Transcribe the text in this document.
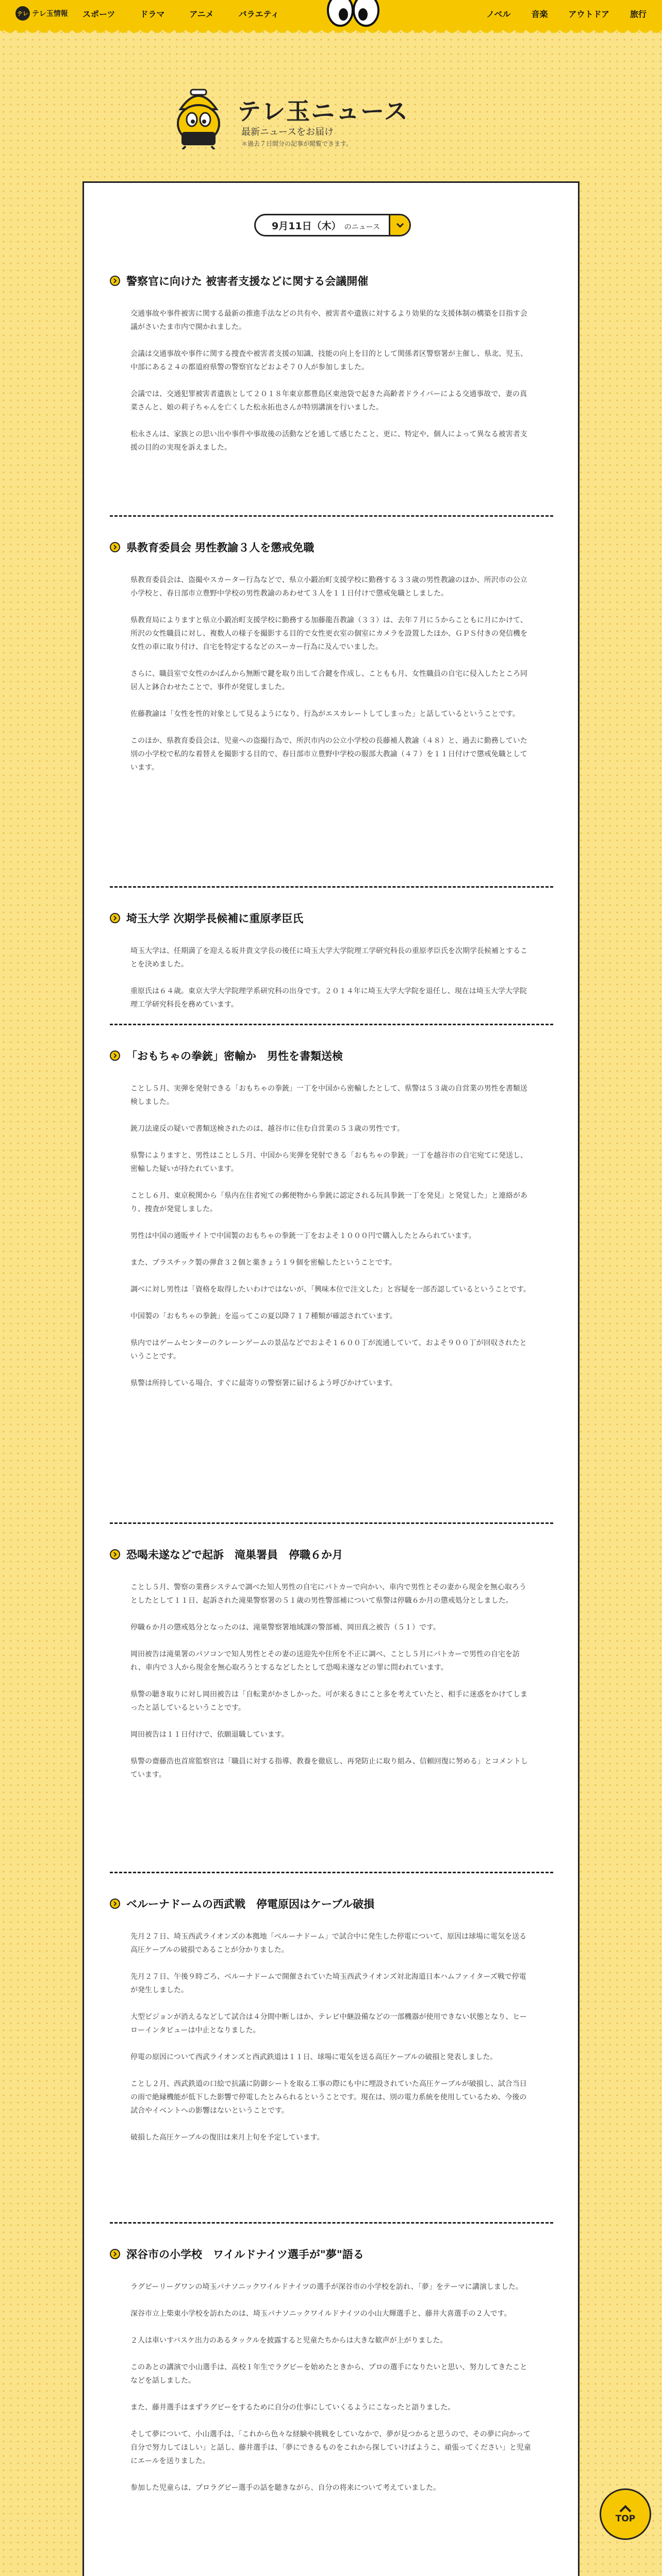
テレ テレ玉情報 スポーツ	ドラマ	アニメ	バラエティ	ノベル	音楽	アウトドア	旅行
テレ玉ニュース
最新ニュースをお届け
＊過去７日間分の記事が閲覧できます。
9月11日（木） のニュース
警察官に向けた 被害者支援などに関する会議開催

交通事故や事件被害に関する最新の推進手法などの共有や、被害者や遺族に対するより効果的な支援体制の構築を目指す会議がさいたま市内で開かれました。

会議は交通事故や事件に関する捜査や被害者支援の知識、技能の向上を目的として関係者区警察署が主催し、県北、児玉、中部にある２４の都道府県警の警察官などおよそ７０人が参加しました。

会議では、交通犯罪被害者遺族として２０１８年東京都豊島区東池袋で起きた高齢者ドライバーによる交通事故で、妻の真菜さんと、娘の莉子ちゃんを亡くした松永拓也さんが特別講演を行いました。

松永さんは、家族との思い出や事件や事故後の活動などを通して感じたこと、更に、特定や、個人によって異なる被害者支援の目的の実現を訴えました。

県教育委員会 男性教諭３人を懲戒免職

県教育委員会は、盗撮やスカーター行為などで、県立小鍛冶町支援学校に勤務する３３歳の男性教諭のほか、所沢市の公立小学校と、春日部市立豊野中学校の男性教諭のあわせて３人を１１日付けで懲戒免職としました。

県教育局によりますと県立小鍛冶町支援学校に勤務する加藤龍吾教諭（３３）は、去年７月に５からこともに月にかけて、所沢の女性職員に対し、複数人の様子を撮影する目的で女性更衣室の個室にカメラを設置したほか、ＧＰＳ付きの発信機を女性の車に取り付け、自宅を特定するなどのスーカー行為に及んでいました。

さらに、職員室で女性のかばんから無断で鍵を取り出して合鍵を作成し、こともも月、女性職員の自宅に侵入したところ同居人と鉢合わせたことで、事件が発覚しました。

佐藤教諭は「女性を性的対象として見るようになり、行為がエスカレートしてしまった」と話しているということです。

このほか、県教育委員会は、児童への盗撮行為で、所沢市内の公立小学校の長藤補人教諭（４８）と、過去に勤務していた別の小学校で私的な着替えを撮影する目的で、春日部市立豊野中学校の服部大教諭（４７）を１１日付けで懲戒免職としています。

埼玉大学 次期学長候補に重原孝臣氏

埼玉大学は、任期満了を迎える坂井貴文学長の後任に埼玉大学大学院理工学研究科長の重原孝臣氏を次期学長候補とすることを決めました。

重原氏は６４歳。東京大学大学院理学系研究科の出身です。２０１４年に埼玉大学大学院を退任し、現在は埼玉大学大学院理工学研究科長を務めています。

「おもちゃの拳銃」密輸か　男性を書類送検

ことし５月、実弾を発射できる「おもちゃの拳銃」一丁を中国から密輸したとして、県警は５３歳の自営業の男性を書類送検しました。

銃刀法違反の疑いで書類送検されたのは、越谷市に住む自営業の５３歳の男性です。

県警によりますと、男性はことし５月、中国から実弾を発射できる「おもちゃの拳銃」一丁を越谷市の自宅宛てに発送し、密輸した疑いが持たれています。

ことし６月、東京税関から「県内在住者宛ての郵便物から拳銃に認定される玩具拳銃一丁を発見」と発覚した」と連絡があり、捜査が発覚しました。

男性は中国の通販サイトで中国製のおもちゃの拳銃一丁をおよそ１０００円で購入したとみられています。

また、プラスチック製の弾倉３２個と薬きょう１９個を密輸したということです。

調べに対し男性は「資格を取得したいわけではないが、「興味本位で注文した」と容疑を一部否認しているということです。

中国製の「おもちゃの拳銃」を巡ってこの夏以降７１７種類が確認されています。

県内ではゲームセンターのクレーンゲームの景品などでおよそ１６００丁が流通していて、およそ９００丁が回収されたということです。

県警は所持している場合、すぐに最寄りの警察署に届けるよう呼びかけています。

恐喝未遂などで起訴　滝巣署員　停職６か月

ことし５月、警察の業務システムで調べた知人男性の自宅にパトカーで向かい、車内で男性とその妻から現金を無心取ろうとしたとして１１日、起訴された滝巣警察署の５１歳の男性警部補について県警は停職６か月の懲戒処分としました。

停職６か月の懲戒処分となったのは、滝巣警察署地域課の警部補、岡田真之被告（５１）です。

岡田被告は滝巣署のパソコンで知人男性とその妻の送迎先や住所を不正に調べ、ことし５月にパトカーで男性の自宅を訪れ、車内で３人から現金を無心取ろうとするなどしたとして恐喝未遂などの罪に問われています。

県警の聴き取りに対し岡田被告は「自転業がかさしかった。可が来るきにこと多を考えていたと、相手に迷惑をかけてしまったと話しているということです。

岡田被告は１１日付けで、依願退職しています。

県警の齋藤浩也首席監察官は「職員に対する指導、教養を徹底し、再発防止に取り組み、信頼回復に努める」とコメントしています。

ベルーナドームの西武戦　停電原因はケーブル破損

先月２７日、埼玉西武ライオンズの本拠地「ベルーナドーム」で試合中に発生した停電について、原因は球場に電気を送る高圧ケーブルの破損であることが分かりました。

先月２７日、午後９時ごろ、ベルーナドームで開催されていた埼玉西武ライオンズ対北海道日本ハムファイターズ戦で停電が発生しました。

大型ビジョンが消えるなどして試合は４分間中断しほか、テレビ中継設備などの一部機器が使用できない状態となり、ヒーローインタビューは中止となりました。

停電の原因について西武ライオンズと西武鉄道は１１日、球場に電気を送る高圧ケーブルの破損と発表しました。

ことし２月、西武鉄道の口絵で抗議に防御シートを取る工事の際にも中に埋設されていた高圧ケーブルが破損し、試合当日の雨で絶縁機能が低下した影響で停電したとみられるということです。現在は、別の電力系統を使用しているため、今後の試合やイベントへの影響はないということです。

破損した高圧ケーブルの復旧は来月上旬を予定しています。

深谷市の小学校　ワイルドナイツ選手が"夢"語る

ラグビーリーグワンの埼玉パナソニックワイルドナイツの選手が深谷市の小学校を訪れ、「夢」をテーマに講演しました。

深谷市立上柴東小学校を訪れたのは、埼玉パナソニックワイルドナイツの小山大輝選手と、藤井大喜選手の２人です。

２人は車いすバスケ出力のあるタックルを披露すると児童たちからは大きな歓声が上がりました。

このあとの講演で小山選手は、高校１年生でラグビーを始めたときから、プロの選手になりたいと思い、努力してきたことなどを話しました。

また、藤井選手はまずラグビーをするために自分の仕事にしていくるようにこなったと語りました。

そして夢について、小山選手は、「これから色々な経験や挑戦をしていなかで、夢が見つかると思うので、その夢に向かって自分で努力してほしい」と話し、藤井選手は、「夢にできるものをこれから探していけばようこ、頑張ってください」と児童にエールを送りました。

参加した児童らは、プロラグビー選手の話を聴きながら、自分の将来について考えていました。

TOP
